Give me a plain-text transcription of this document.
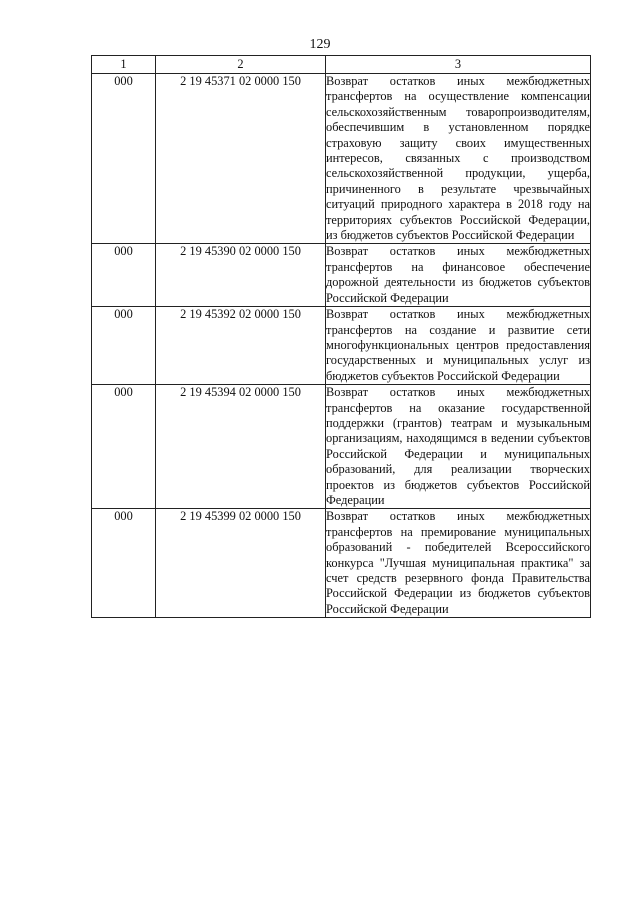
129
1	2	3
000	2 19 45371 02 0000 150	Возврат остатков иных межбюджетных трансфертов на осуществление компенсации сельскохозяйственным товаропроизводителям, обеспечившим в установленном порядке страховую защиту своих имущественных интересов, связанных с производством сельскохозяйственной продукции, ущерба, причиненного в результате чрезвычайных ситуаций природного характера в 2018 году на территориях субъектов Российской Федерации, из бюджетов субъектов Российской Федерации
000	2 19 45390 02 0000 150	Возврат остатков иных межбюджетных трансфертов на финансовое обеспечение дорожной деятельности из бюджетов субъектов Российской Федерации
000	2 19 45392 02 0000 150	Возврат остатков иных межбюджетных трансфертов на создание и развитие сети многофункциональных центров предоставления государственных и муниципальных услуг из бюджетов субъектов Российской Федерации
000	2 19 45394 02 0000 150	Возврат остатков иных межбюджетных трансфертов на оказание государственной поддержки (грантов) театрам и музыкальным организациям, находящимся в ведении субъектов Российской Федерации и муниципальных образований, для реализации творческих проектов из бюджетов субъектов Российской Федерации
000	2 19 45399 02 0000 150	Возврат остатков иных межбюджетных трансфертов на премирование муниципальных образований - победителей Всероссийского конкурса "Лучшая муниципальная практика" за счет средств резервного фонда Правительства Российской Федерации из бюджетов субъектов Российской Федерации
